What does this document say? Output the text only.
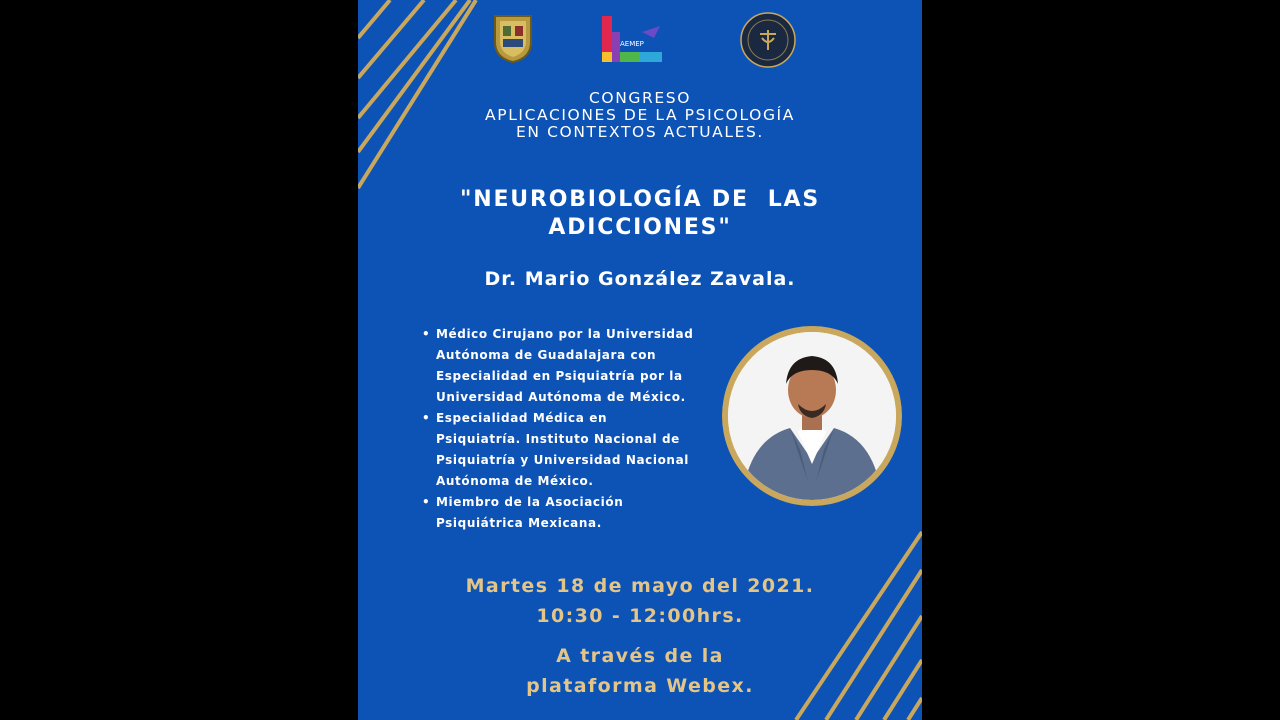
AEMEP
CONGRESO
APLICACIONES DE LA PSICOLOGÍA
EN CONTEXTOS ACTUALES.
"NEUROBIOLOGÍA DE  LAS
ADICCIONES"
Dr. Mario González Zavala.
• Médico Cirujano por la Universidad
Autónoma de Guadalajara con
Especialidad en Psiquiatría por la
Universidad Autónoma de México.
• Especialidad Médica en
Psiquiatría. Instituto Nacional de
Psiquiatría y Universidad Nacional
Autónoma de México.
• Miembro de la Asociación
Psiquiátrica Mexicana.
Martes 18 de mayo del 2021.
10:30 - 12:00hrs.
A través de la
plataforma Webex.
